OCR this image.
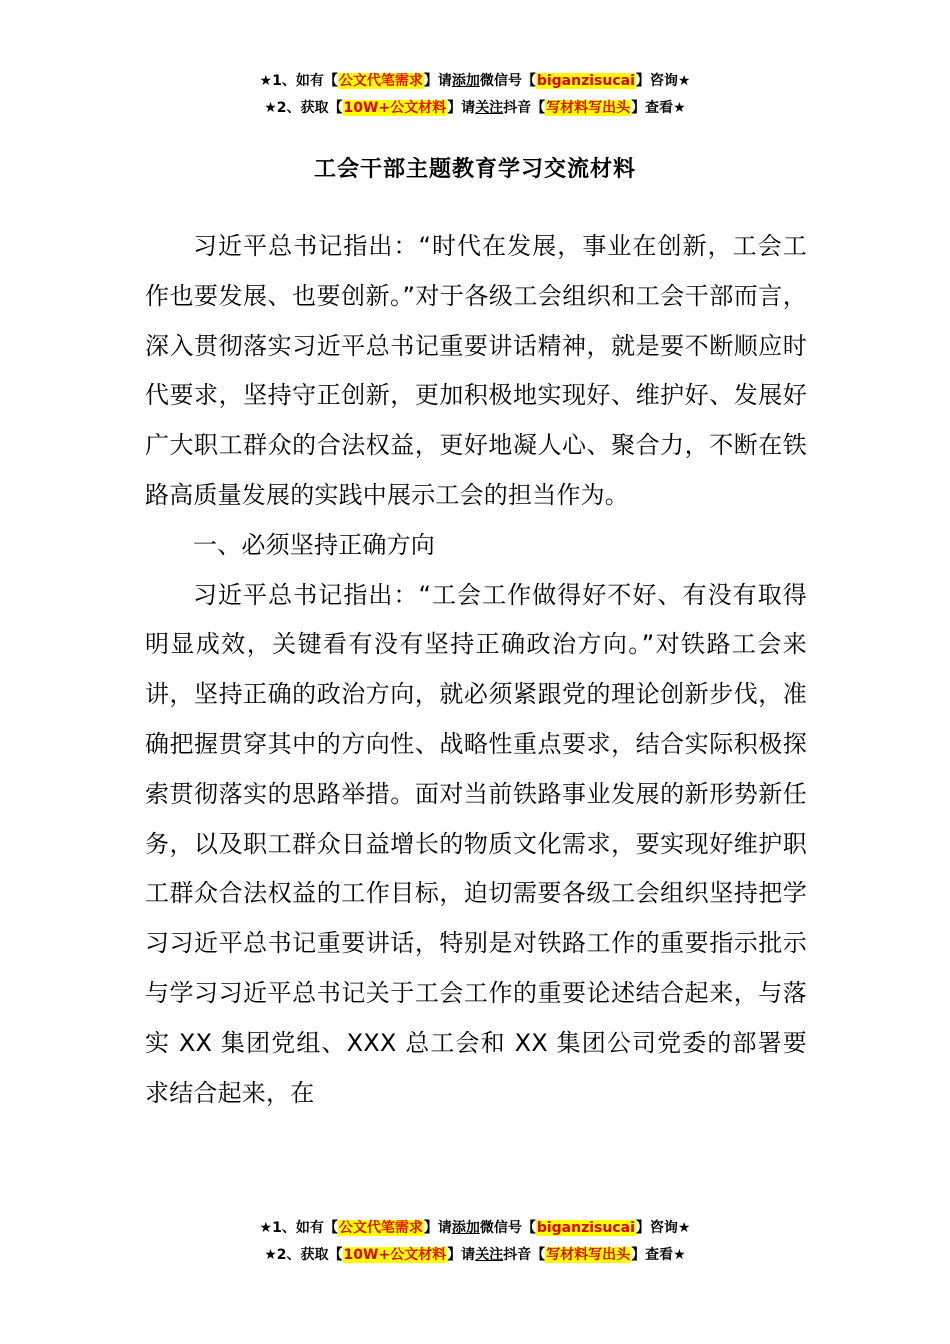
★1、如有【公文代笔需求】请添加微信号【biganzisucai】咨询★
★2、获取【10W+公文材料】请关注抖音【写材料写出头】查看★
工会干部主题教育学习交流材料

习近平总书记指出：“时代在发展，事业在创新，工会工作也要发展、也要创新。”对于各级工会组织和工会干部而言，深入贯彻落实习近平总书记重要讲话精神，就是要不断顺应时代要求，坚持守正创新，更加积极地实现好、维护好、发展好广大职工群众的合法权益，更好地凝人心、聚合力，不断在铁路高质量发展的实践中展示工会的担当作为。

一、必须坚持正确方向

习近平总书记指出：“工会工作做得好不好、有没有取得明显成效，关键看有没有坚持正确政治方向。”对铁路工会来讲，坚持正确的政治方向，就必须紧跟党的理论创新步伐，准确把握贯穿其中的方向性、战略性重点要求，结合实际积极探索贯彻落实的思路举措。面对当前铁路事业发展的新形势新任务，以及职工群众日益增长的物质文化需求，要实现好维护职工群众合法权益的工作目标，迫切需要各级工会组织坚持把学习习近平总书记重要讲话，特别是对铁路工作的重要指示批示与学习习近平总书记关于工会工作的重要论述结合起来，与落实 XX 集团党组、XXX 总工会和 XX 集团公司党委的部署要求结合起来，在

★1、如有【公文代笔需求】请添加微信号【biganzisucai】咨询★
★2、获取【10W+公文材料】请关注抖音【写材料写出头】查看★
